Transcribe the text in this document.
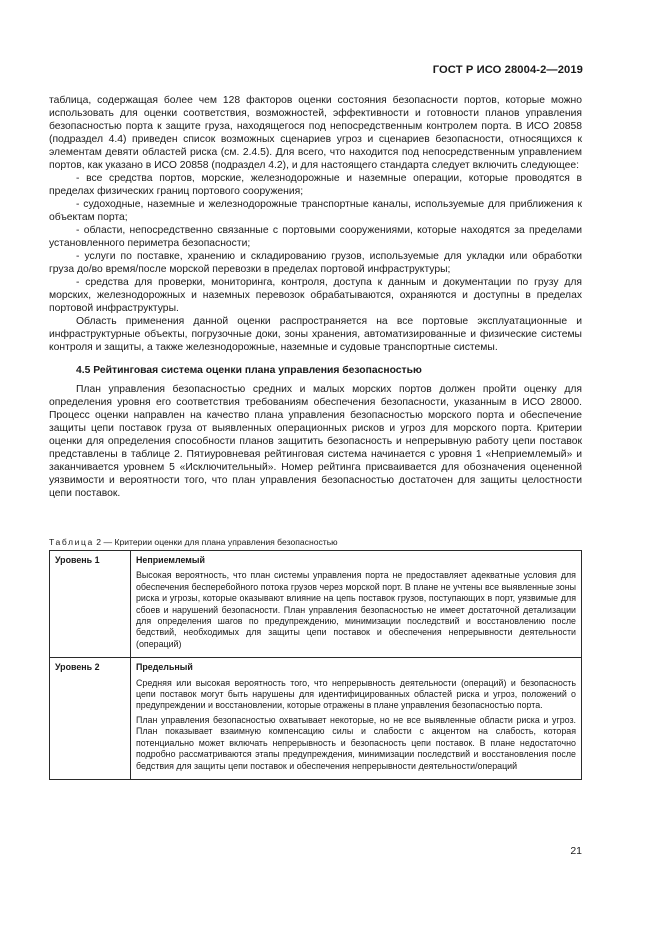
ГОСТ Р ИСО 28004-2—2019

таблица, содержащая более чем 128 факторов оценки состояния безопасности портов, которые можно использовать для оценки соответствия, возможностей, эффективности и готовности планов управления безопасностью порта к защите груза, находящегося под непосредственным контролем порта. В ИСО 20858 (подраздел 4.4) приведен список возможных сценариев угроз и сценариев безопасности, относящихся к элементам девяти областей риска (см. 2.4.5). Для всего, что находится под непосредственным управлением портов, как указано в ИСО 20858 (подраздел 4.2), и для настоящего стандарта следует включить следующее:

- все средства портов, морские, железнодорожные и наземные операции, которые проводятся в пределах физических границ портового сооружения;

- судоходные, наземные и железнодорожные транспортные каналы, используемые для приближения к объектам порта;

- области, непосредственно связанные с портовыми сооружениями, которые находятся за пределами установленного периметра безопасности;

- услуги по поставке, хранению и складированию грузов, используемые для укладки или обработки груза до/во время/после морской перевозки в пределах портовой инфраструктуры;

- средства для проверки, мониторинга, контроля, доступа к данным и документации по грузу для морских, железнодорожных и наземных перевозок обрабатываются, охраняются и доступны в пределах портовой инфраструктуры.

Область применения данной оценки распространяется на все портовые эксплуатационные и инфраструктурные объекты, погрузочные доки, зоны хранения, автоматизированные и физические системы контроля и защиты, а также железнодорожные, наземные и судовые транспортные системы.

4.5 Рейтинговая система оценки плана управления безопасностью

План управления безопасностью средних и малых морских портов должен пройти оценку для определения уровня его соответствия требованиям обеспечения безопасности, указанным в ИСО 28000. Процесс оценки направлен на качество плана управления безопасностью морского порта и обеспечение защиты цепи поставок груза от выявленных операционных рисков и угроз для морского порта. Критерии оценки для определения способности планов защитить безопасность и непрерывную работу цепи поставок представлены в таблице 2. Пятиуровневая рейтинговая система начинается с уровня 1 «Неприемлемый» и заканчивается уровнем 5 «Исключительный». Номер рейтинга присваивается для обозначения оцененной уязвимости и вероятности того, что план управления безопасностью достаточен для защиты целостности цепи поставок.

Таблица 2 — Критерии оценки для плана управления безопасностью
Уровень 1	Неприемлемый

Высокая вероятность, что план системы управления порта не предоставляет адекватные условия для обеспечения бесперебойного потока грузов через морской порт. В плане не учтены все выявленные зоны риска и угрозы, которые оказывают влияние на цепь поставок грузов, поступающих в порт, уязвимые для сбоев и нарушений безопасности. План управления безопасностью не имеет достаточной детализации для определения шагов по предупреждению, минимизации последствий и восстановлению после бедствий, необходимых для защиты цепи поставок и обеспечения непрерывности деятельности (операций)

Уровень 2	Предельный

Средняя или высокая вероятность того, что непрерывность деятельности (операций) и безопасность цепи поставок могут быть нарушены для идентифицированных областей риска и угроз, положений о предупреждении и восстановлении, которые отражены в плане управления безопасностью порта.

План управления безопасностью охватывает некоторые, но не все выявленные области риска и угроз. План показывает взаимную компенсацию силы и слабости с акцентом на слабость, которая потенциально может включать непрерывность и безопасность цепи поставок. В плане недостаточно подробно рассматриваются этапы предупреждения, минимизации последствий и восстановления после бедствия для защиты цепи поставок и обеспечения непрерывности деятельности/операций

21
